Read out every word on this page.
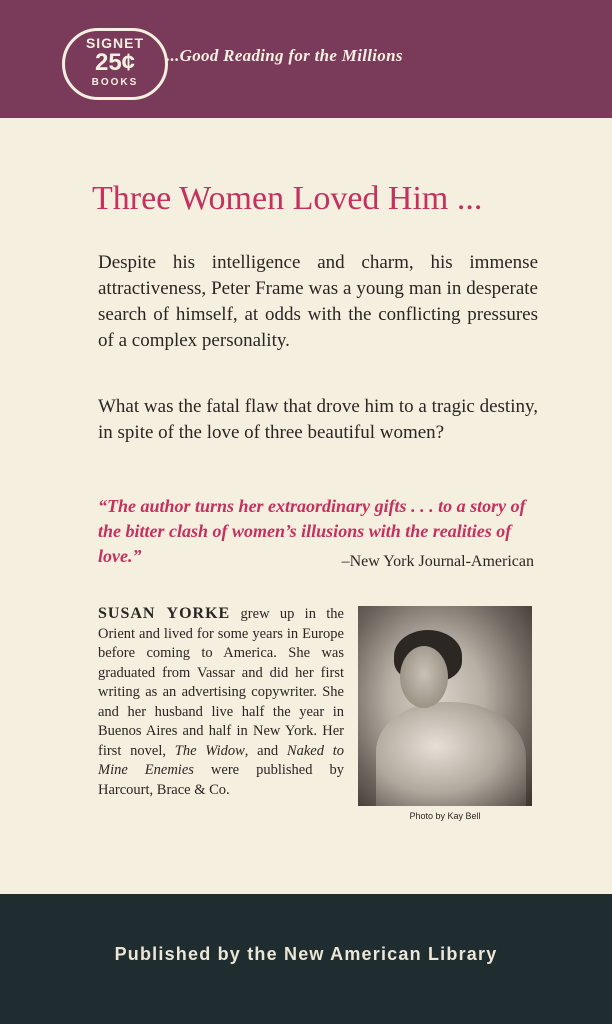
SIGNET
25¢
BOOKS
...Good Reading for the Millions
Three Women Loved Him ...

Despite his intelligence and charm, his immense attractiveness, Peter Frame was a young man in desperate search of himself, at odds with the conflicting pressures of a complex personality.

What was the fatal flaw that drove him to a tragic destiny, in spite of the love of three beautiful women?

“The author turns her extraordinary gifts . . . to a story of the bitter clash of women’s illusions with the realities of love.”	–New York Journal-American

SUSAN YORKE grew up in the Orient and lived for some years in Europe before coming to America. She was graduated from Vassar and did her first writing as an advertising copywriter. She and her husband live half the year in Buenos Aires and half in New York. Her first novel, The Widow, and Naked to Mine Enemies were published by Harcourt, Brace & Co.

Photo by Kay Bell
Published by the New American Library
